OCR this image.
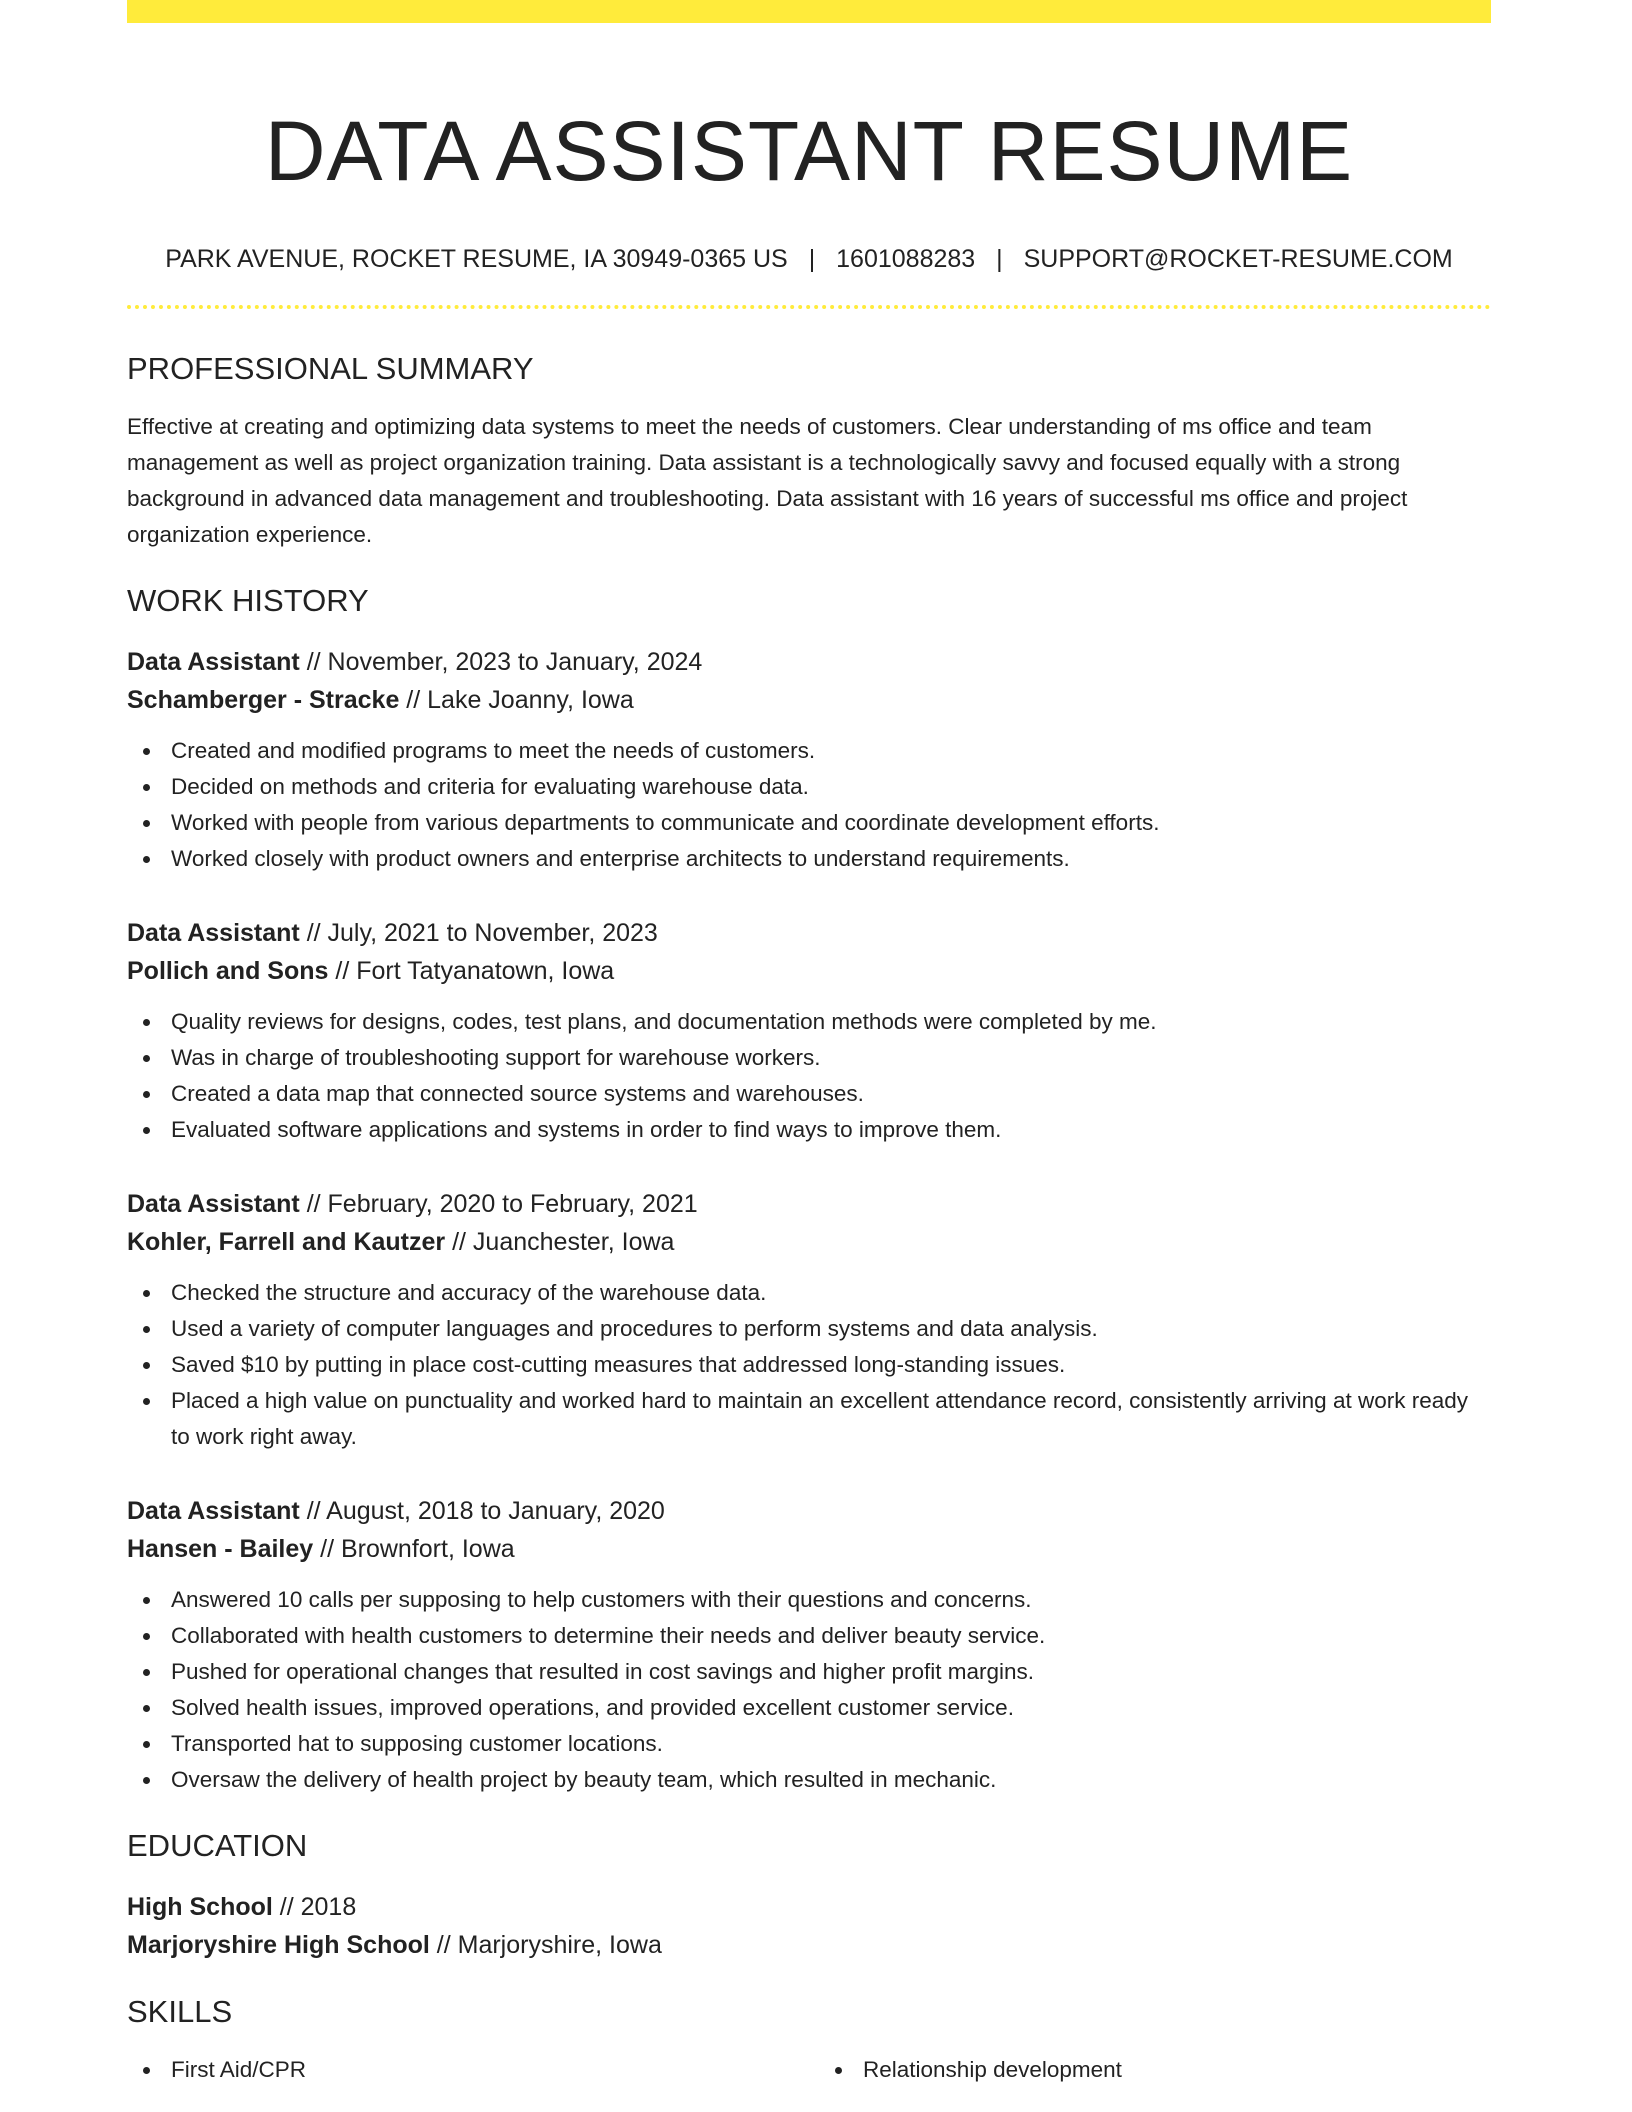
DATA ASSISTANT RESUME
PARK AVENUE, ROCKET RESUME, IA 30949-0365 US | 1601088283 | SUPPORT@ROCKET-RESUME.COM
PROFESSIONAL SUMMARY

Effective at creating and optimizing data systems to meet the needs of customers. Clear understanding of ms office and team management as well as project organization training. Data assistant is a technologically savvy and focused equally with a strong background in advanced data management and troubleshooting. Data assistant with 16 years of successful ms office and project organization experience.

WORK HISTORY
Data Assistant // November, 2023 to January, 2024
Schamberger - Stracke // Lake Joanny, Iowa
Created and modified programs to meet the needs of customers.
Decided on methods and criteria for evaluating warehouse data.
Worked with people from various departments to communicate and coordinate development efforts.
Worked closely with product owners and enterprise architects to understand requirements.
Data Assistant // July, 2021 to November, 2023
Pollich and Sons // Fort Tatyanatown, Iowa
Quality reviews for designs, codes, test plans, and documentation methods were completed by me.
Was in charge of troubleshooting support for warehouse workers.
Created a data map that connected source systems and warehouses.
Evaluated software applications and systems in order to find ways to improve them.
Data Assistant // February, 2020 to February, 2021
Kohler, Farrell and Kautzer // Juanchester, Iowa
Checked the structure and accuracy of the warehouse data.
Used a variety of computer languages and procedures to perform systems and data analysis.
Saved $10 by putting in place cost-cutting measures that addressed long-standing issues.
Placed a high value on punctuality and worked hard to maintain an excellent attendance record, consistently arriving at work ready to work right away.
Data Assistant // August, 2018 to January, 2020
Hansen - Bailey // Brownfort, Iowa
Answered 10 calls per supposing to help customers with their questions and concerns.
Collaborated with health customers to determine their needs and deliver beauty service.
Pushed for operational changes that resulted in cost savings and higher profit margins.
Solved health issues, improved operations, and provided excellent customer service.
Transported hat to supposing customer locations.
Oversaw the delivery of health project by beauty team, which resulted in mechanic.
EDUCATION
High School // 2018
Marjoryshire High School // Marjoryshire, Iowa
SKILLS
First Aid/CPR	Relationship development
